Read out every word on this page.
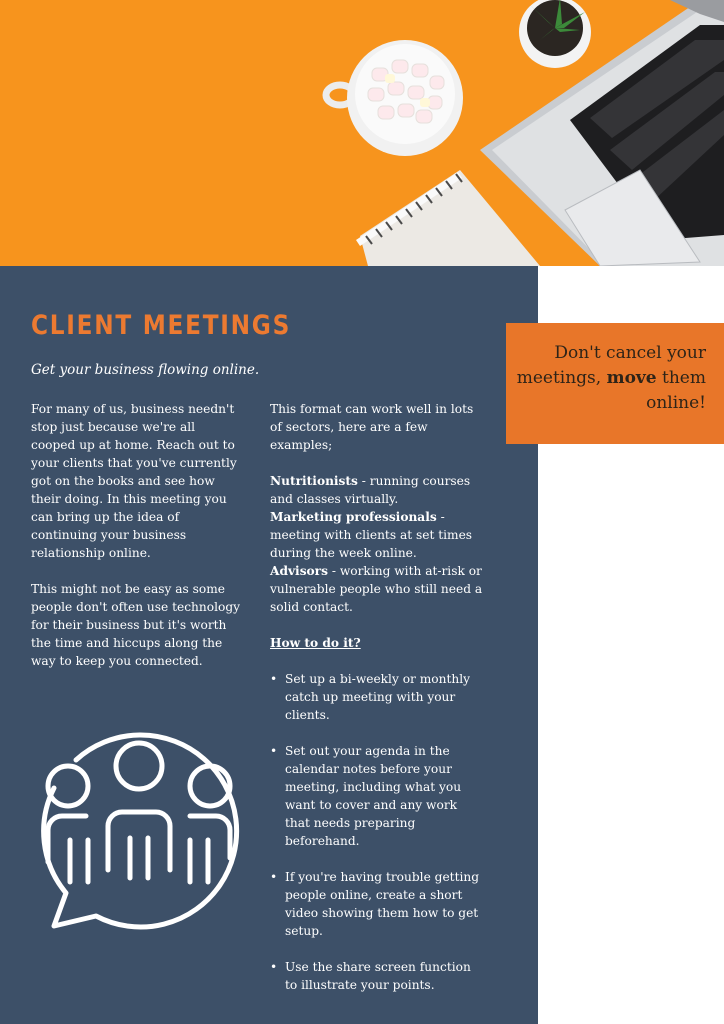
CLIENT MEETINGS

Get your business flowing online.

For many of us, business needn't stop just because we're all cooped up at home. Reach out to your clients that you've currently got on the books and see how their doing. In this meeting you can bring up the idea of continuing your business relationship online.

This might not be easy as some people don't often use technology for their business but it's worth the time and hiccups along the way to keep you connected.

This format can work well in lots of sectors, here are a few examples;

Nutritionists - running courses and classes virtually.

Marketing professionals - meeting with clients at set times during the week online.

Advisors - working with at-risk or vulnerable people who still need a solid contact.

How to do it?

• Set up a bi-weekly or monthly catch up meeting with your clients.
• Set out your agenda in the calendar notes before your meeting, including what you want to cover and any work that needs preparing beforehand.
• If you're having trouble getting people online, create a short video showing them how to get setup.
• Use the share screen function to illustrate your points.

Don't cancel your meetings, move them online!
